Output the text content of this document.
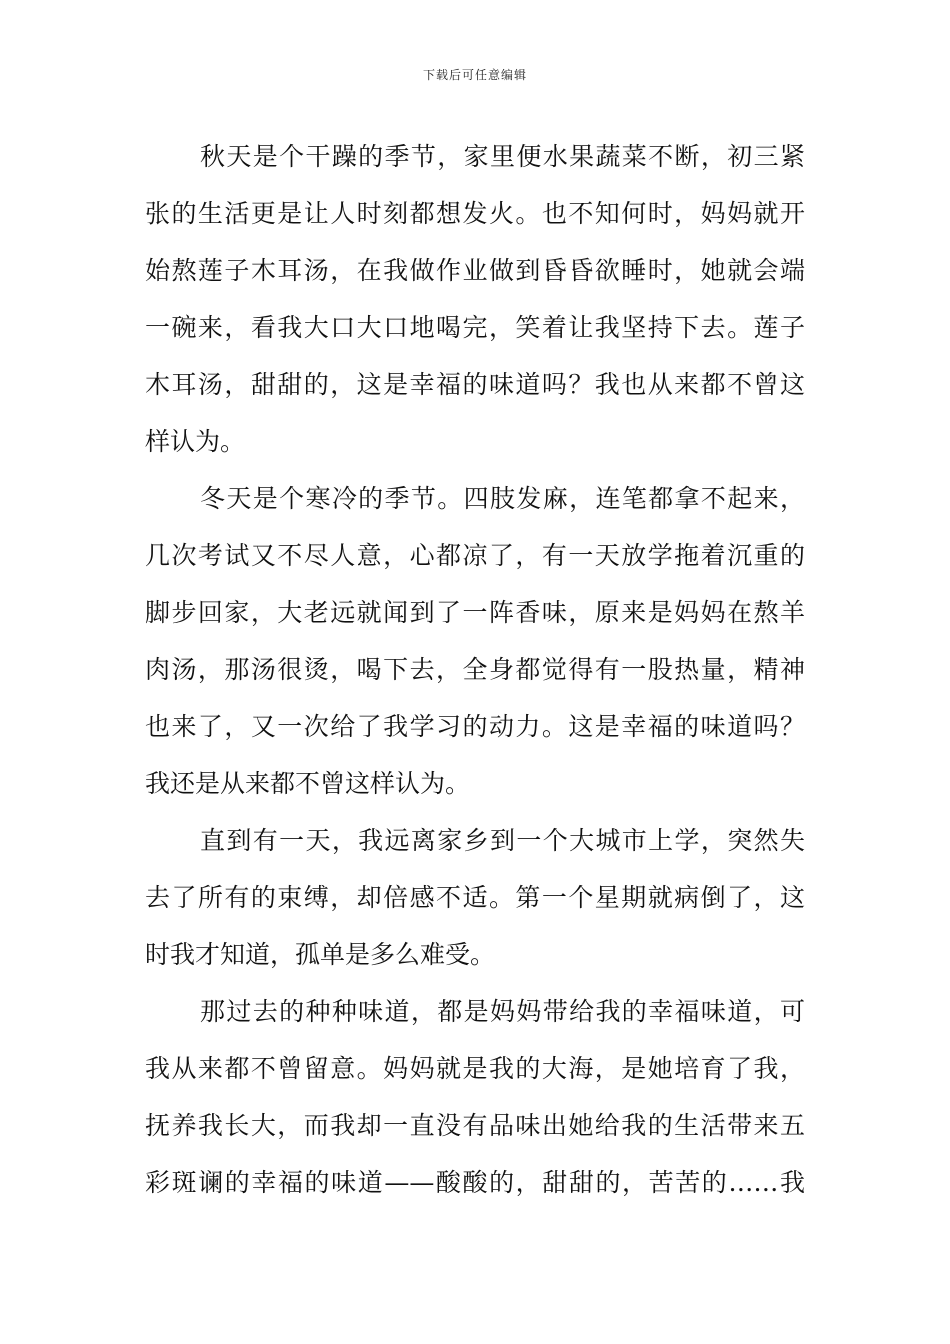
下载后可任意编辑
秋天是个干躁的季节，家里便水果蔬菜不断，初三紧
张的生活更是让人时刻都想发火。也不知何时，妈妈就开
始熬莲子木耳汤，在我做作业做到昏昏欲睡时，她就会端
一碗来，看我大口大口地喝完，笑着让我坚持下去。莲子
木耳汤，甜甜的，这是幸福的味道吗？我也从来都不曾这
样认为。
冬天是个寒冷的季节。四肢发麻，连笔都拿不起来，
几次考试又不尽人意，心都凉了，有一天放学拖着沉重的
脚步回家，大老远就闻到了一阵香味，原来是妈妈在熬羊
肉汤，那汤很烫，喝下去，全身都觉得有一股热量，精神
也来了，又一次给了我学习的动力。这是幸福的味道吗？
我还是从来都不曾这样认为。
直到有一天，我远离家乡到一个大城市上学，突然失
去了所有的束缚，却倍感不适。第一个星期就病倒了，这
时我才知道，孤单是多么难受。
那过去的种种味道，都是妈妈带给我的幸福味道，可
我从来都不曾留意。妈妈就是我的大海，是她培育了我，
抚养我长大，而我却一直没有品味出她给我的生活带来五
彩斑谰的幸福的味道——酸酸的，甜甜的，苦苦的……我
